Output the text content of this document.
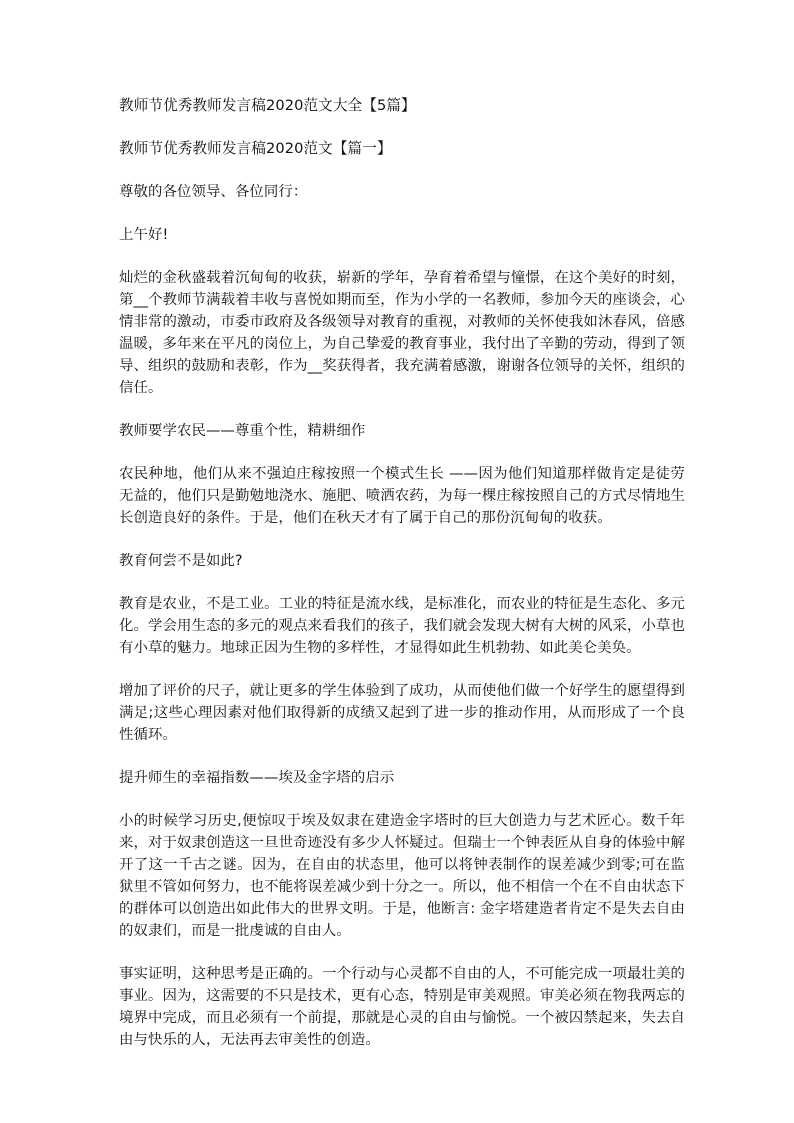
教师节优秀教师发言稿2020范文大全【5篇】

教师节优秀教师发言稿2020范文【篇一】

尊敬的各位领导、各位同行：

上午好!

灿烂的金秋盛载着沉甸甸的收获，崭新的学年，孕育着希望与憧憬，在这个美好的时刻，第__个教师节满载着丰收与喜悦如期而至，作为小学的一名教师，参加今天的座谈会，心情非常的激动，市委市政府及各级领导对教育的重视，对教师的关怀使我如沐春风，倍感温暖，多年来在平凡的岗位上，为自己挚爱的教育事业，我付出了辛勤的劳动，得到了领导、组织的鼓励和表彰，作为__奖获得者，我充满着感激，谢谢各位领导的关怀，组织的信任。

教师要学农民——尊重个性，精耕细作

农民种地，他们从来不强迫庄稼按照一个模式生长 ——因为他们知道那样做肯定是徒劳无益的，他们只是勤勉地浇水、施肥、喷洒农药，为每一棵庄稼按照自己的方式尽情地生长创造良好的条件。于是，他们在秋天才有了属于自己的那份沉甸甸的收获。

教育何尝不是如此?

教育是农业，不是工业。工业的特征是流水线，是标准化，而农业的特征是生态化、多元化。学会用生态的多元的观点来看我们的孩子，我们就会发现大树有大树的风采，小草也有小草的魅力。地球正因为生物的多样性，才显得如此生机勃勃、如此美仑美奂。

增加了评价的尺子，就让更多的学生体验到了成功，从而使他们做一个好学生的愿望得到满足;这些心理因素对他们取得新的成绩又起到了进一步的推动作用，从而形成了一个良性循环。

提升师生的幸福指数——埃及金字塔的启示

小的时候学习历史,便惊叹于埃及奴隶在建造金字塔时的巨大创造力与艺术匠心。数千年来，对于奴隶创造这一旦世奇迹没有多少人怀疑过。但瑞士一个钟表匠从自身的体验中解开了这一千古之谜。因为，在自由的状态里，他可以将钟表制作的误差减少到零;可在监狱里不管如何努力，也不能将误差减少到十分之一。所以，他不相信一个在不自由状态下的群体可以创造出如此伟大的世界文明。于是，他断言: 金字塔建造者肯定不是失去自由的奴隶们，而是一批虔诚的自由人。

事实证明，这种思考是正确的。一个行动与心灵都不自由的人，不可能完成一项最壮美的事业。因为，这需要的不只是技术，更有心态，特别是审美观照。审美必须在物我两忘的境界中完成，而且必须有一个前提，那就是心灵的自由与愉悦。一个被囚禁起来，失去自由与快乐的人，无法再去审美性的创造。
